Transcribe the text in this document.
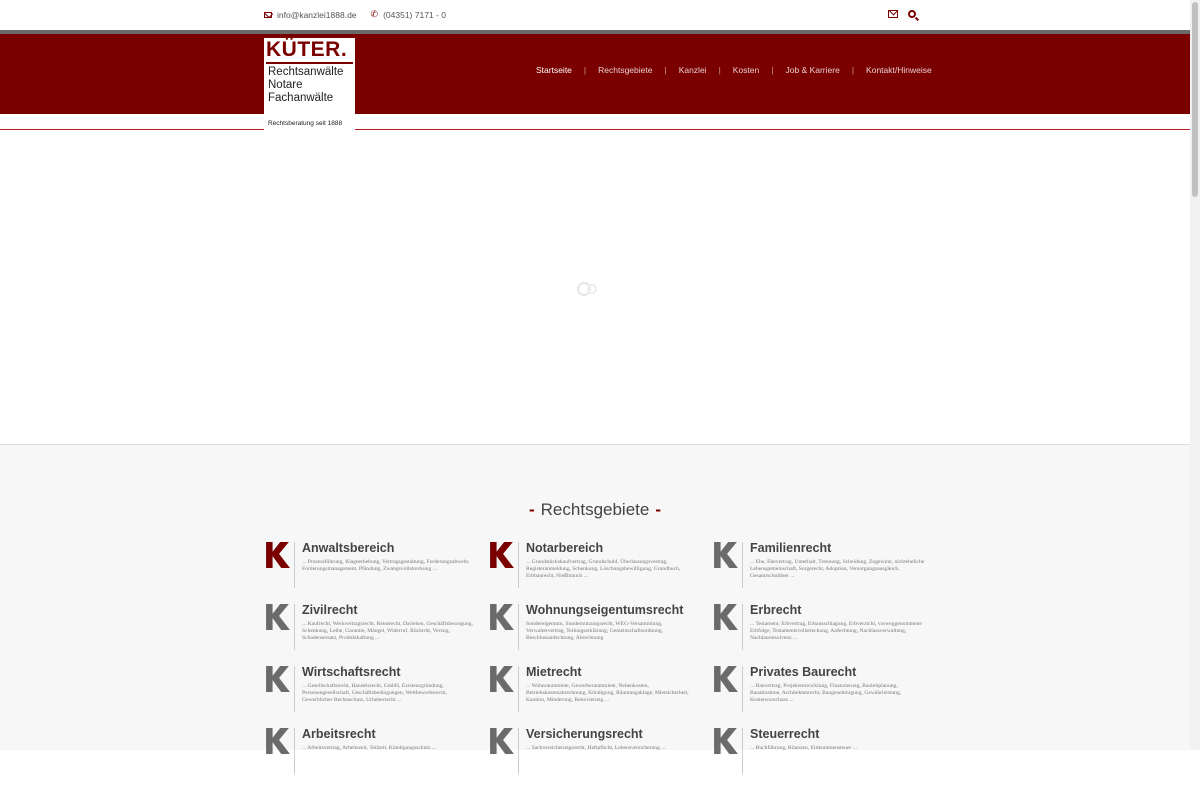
info@kanzlei1888.de ✆ (04351) 7171 - 0
KÜTER.
Rechtsanwälte
Notare
Fachanwälte
Rechtsberatung seit 1888
Startseite | Rechtsgebiete | Kanzlei | Kosten | Job & Karriere | Kontakt/Hinweise
- Rechtsgebiete -
Anwaltsbereich
... Prozessführung, Klageerhebung, Vertragsgestaltung, Forderungsabwehr, Forderungsmanagement, Pfändung, Zwangsvollstreckung ...
Notarbereich
... Grundstückskaufvertrag, Grundschuld, Überlassungsvertrag, Registeranmeldung, Schenkung, Löschungsbewilligung, Grundbuch, Erbbaurecht, Nießbrauch ...
Familienrecht
... Ehe, Ehevertrag, Unterhalt, Trennung, Scheidung, Zugewinn, nichteheliche Lebensgemeinschaft, Sorgerecht, Adoption, Versorgungsausgleich, Gesamtschuldner ...
Zivilrecht
... Kaufrecht, Werkvertragsrecht, Reiserecht, Darlehen, Geschäftsbesorgung, Schenkung, Leihe, Garantie, Mängel, Widerruf, Rücktritt, Verzug, Schadensersatz, Produkthaftung ...
Wohnungseigentumsrecht
Sondereigentum, Sondernutzungsrecht, WEG-Versammlung, Verwaltervertrag, Teilungserklärung, Gemeinschaftsordnung, Beschlussanfechtung, Abrechnung
Erbrecht
... Testament, Erbvertrag, Erbausschlagung, Erbverzicht, vorweggenommene Erbfolge, Testamentsvollstreckung, Anfechtung, Nachlassverwaltung, Nachlassinsolvenz ...
Wirtschaftsrecht
... Gesellschaftsrecht, Handelsrecht, GmbH, Existenzgründung, Personengesellschaft, Geschäftsbedingungen, Wettbewerbsrecht, Gewerblicher Rechtsschutz, Urheberrecht ...
Mietrecht
... Wohnraummiete, Gewerberaummiete, Nebenkosten, Betriebskostenabrechnung, Kündigung, Räumungsklage, Mietsicherheit, Kaution, Minderung, Renovierung ...
Privates Baurecht
... Bauvertrag, Projektentwicklung, Finanzierung, Bauleitplanung, Bauabnahme, Architektenrecht, Baugenehmigung, Gewährleistung, Kostenvorschuss ...
Arbeitsrecht
... Arbeitsvertrag, Arbeitszeit, Teilzeit, Kündigungsschutz ...
Versicherungsrecht
... Sachversicherungsrecht, Haftpflicht, Lebensversicherung ...
Steuerrecht
... Buchführung, Bilanzen, Einkommensteuer ...
